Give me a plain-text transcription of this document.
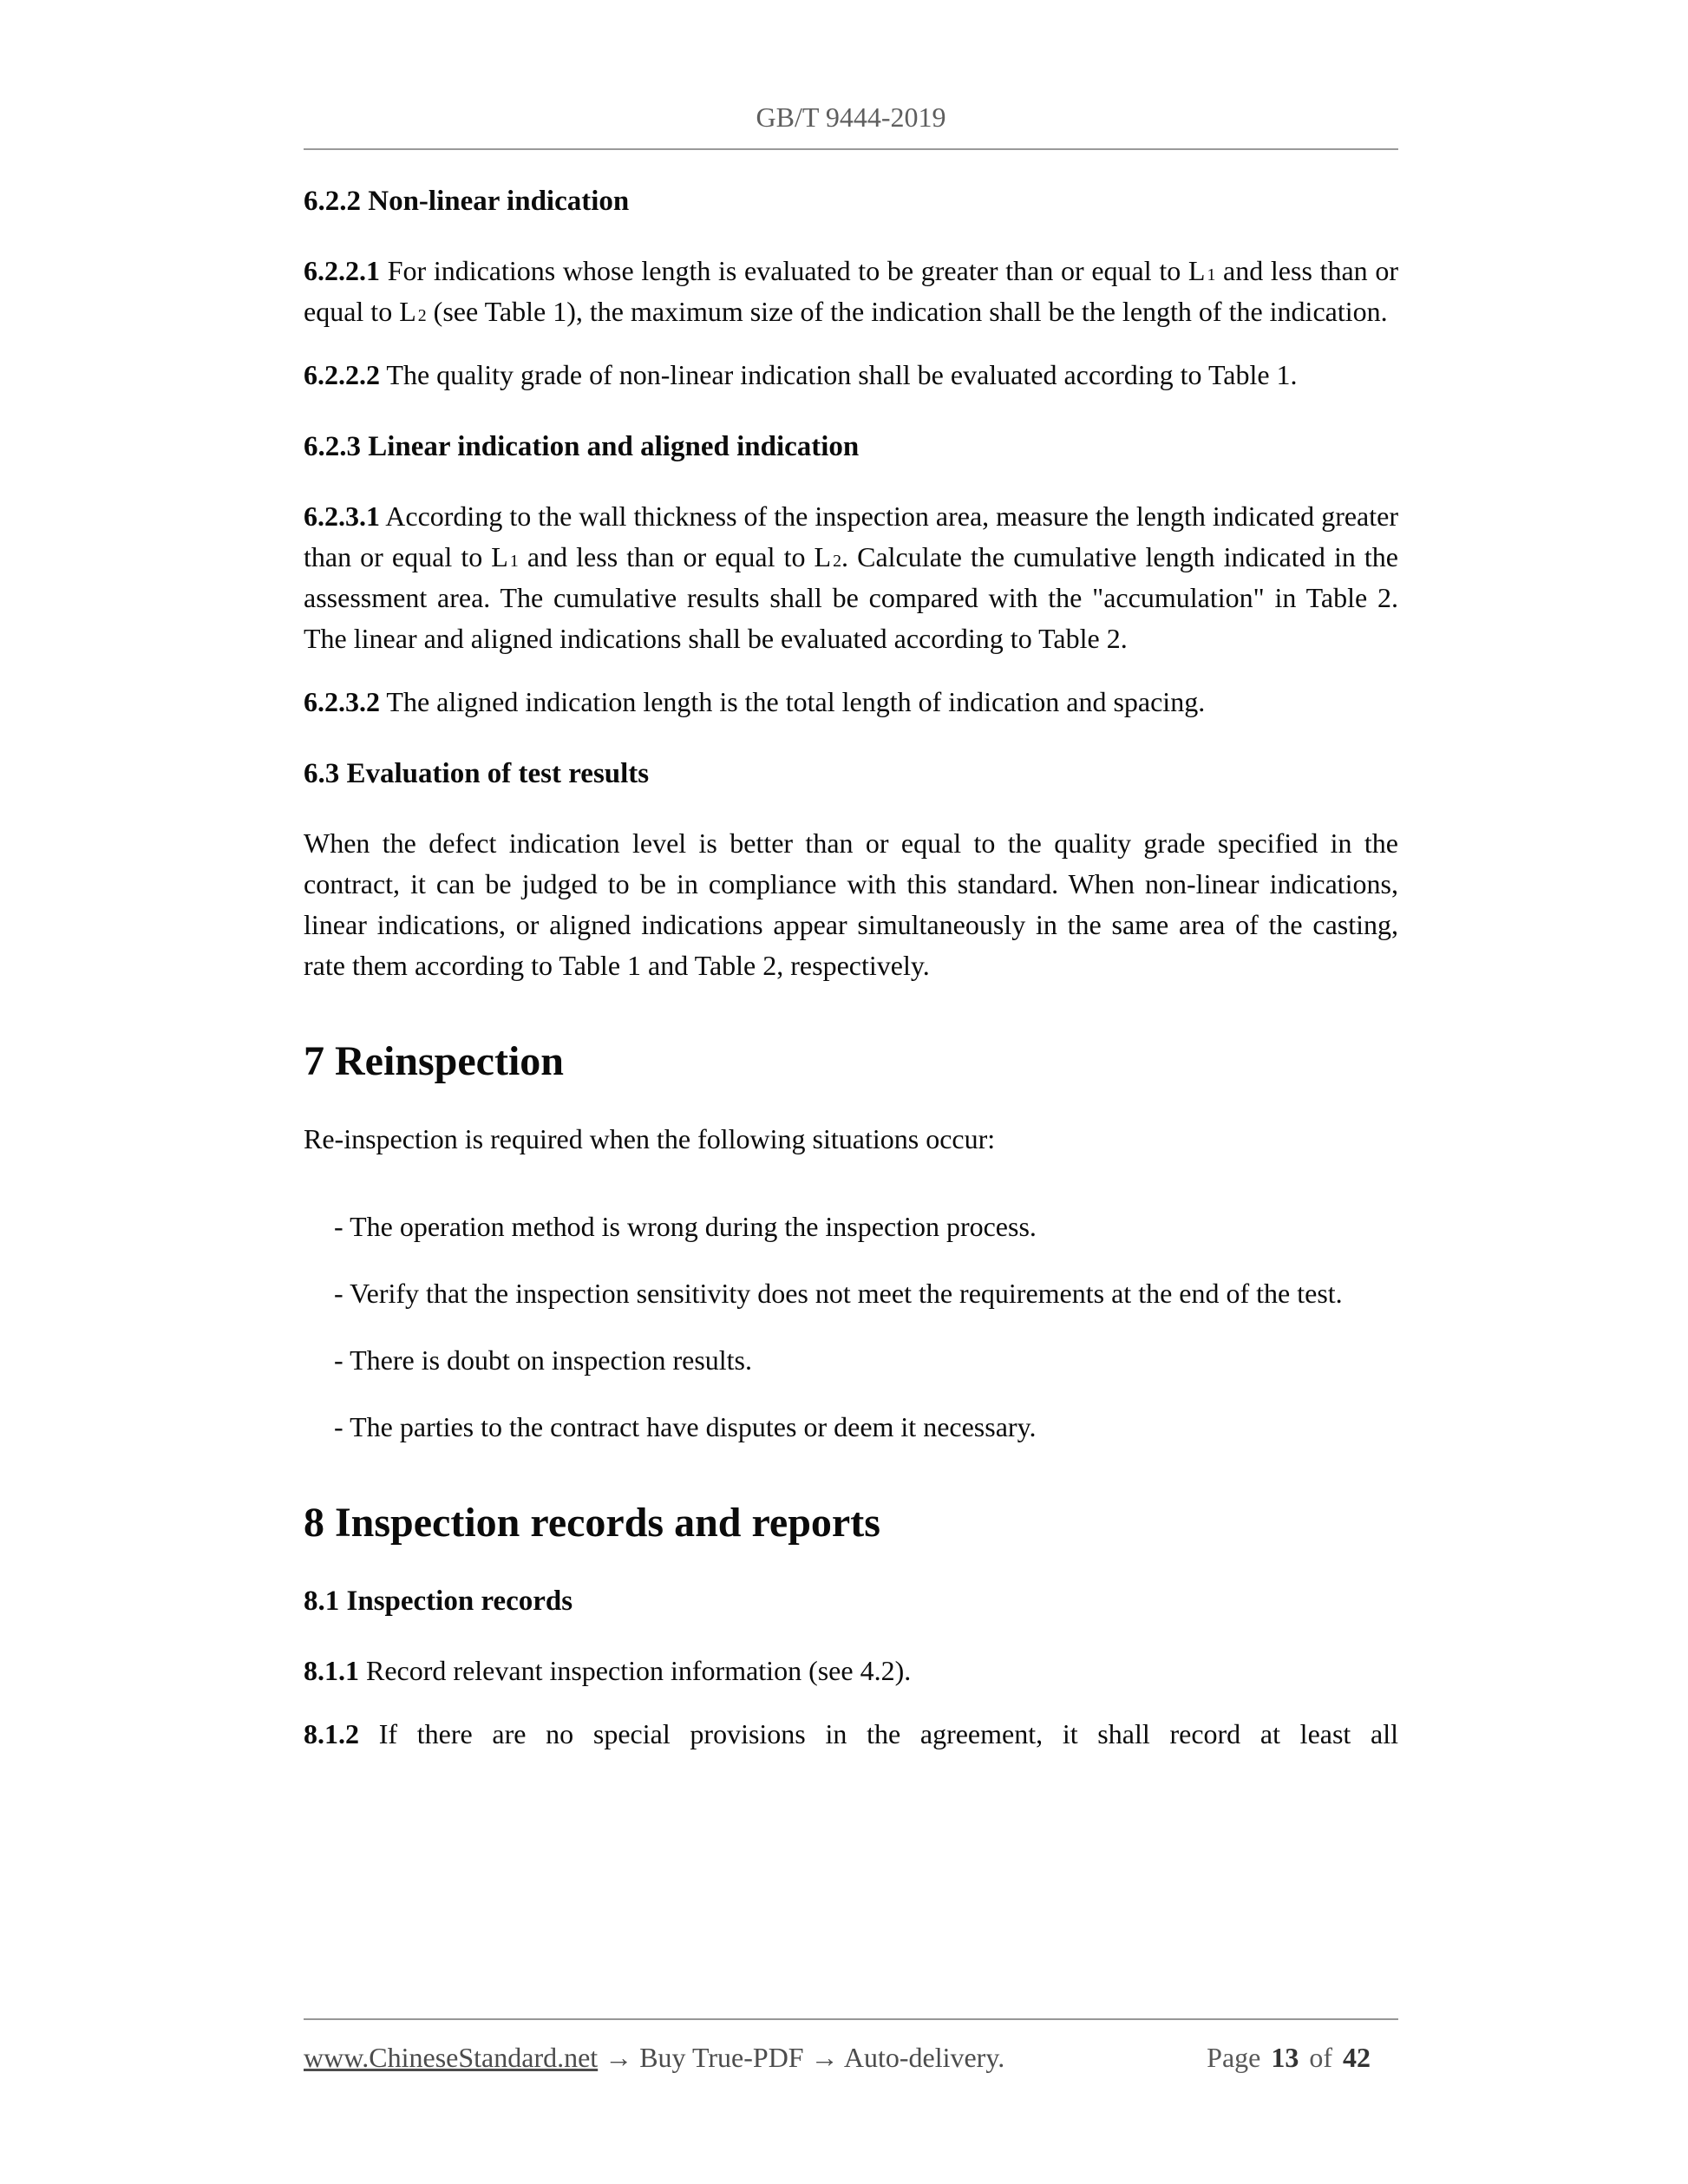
GB/T 9444-2019
6.2.2 Non-linear indication

6.2.2.1 For indications whose length is evaluated to be greater than or equal to L 1 and less than or equal to L 2 (see Table 1), the maximum size of the indication shall be the length of the indication.

6.2.2.2 The quality grade of non-linear indication shall be evaluated according to Table 1.

6.2.3 Linear indication and aligned indication

6.2.3.1 According to the wall thickness of the inspection area, measure the length indicated greater than or equal to L 1 and less than or equal to L 2. Calculate the cumulative length indicated in the assessment area. The cumulative results shall be compared with the "accumulation" in Table 2. The linear and aligned indications shall be evaluated according to Table 2.

6.2.3.2 The aligned indication length is the total length of indication and spacing.

6.3 Evaluation of test results

When the defect indication level is better than or equal to the quality grade specified in the contract, it can be judged to be in compliance with this standard. When non-linear indications, linear indications, or aligned indications appear simultaneously in the same area of the casting, rate them according to Table 1 and Table 2, respectively.

7 Reinspection

Re-inspection is required when the following situations occur:

- The operation method is wrong during the inspection process.
- Verify that the inspection sensitivity does not meet the requirements at the end of the test.
- There is doubt on inspection results.
- The parties to the contract have disputes or deem it necessary.
8 Inspection records and reports
8.1 Inspection records

8.1.1 Record relevant inspection information (see 4.2).

8.1.2 If there are no special provisions in the agreement, it shall record at least all

www.ChineseStandard.net → Buy True-PDF → Auto-delivery.	Page 13 of 42
